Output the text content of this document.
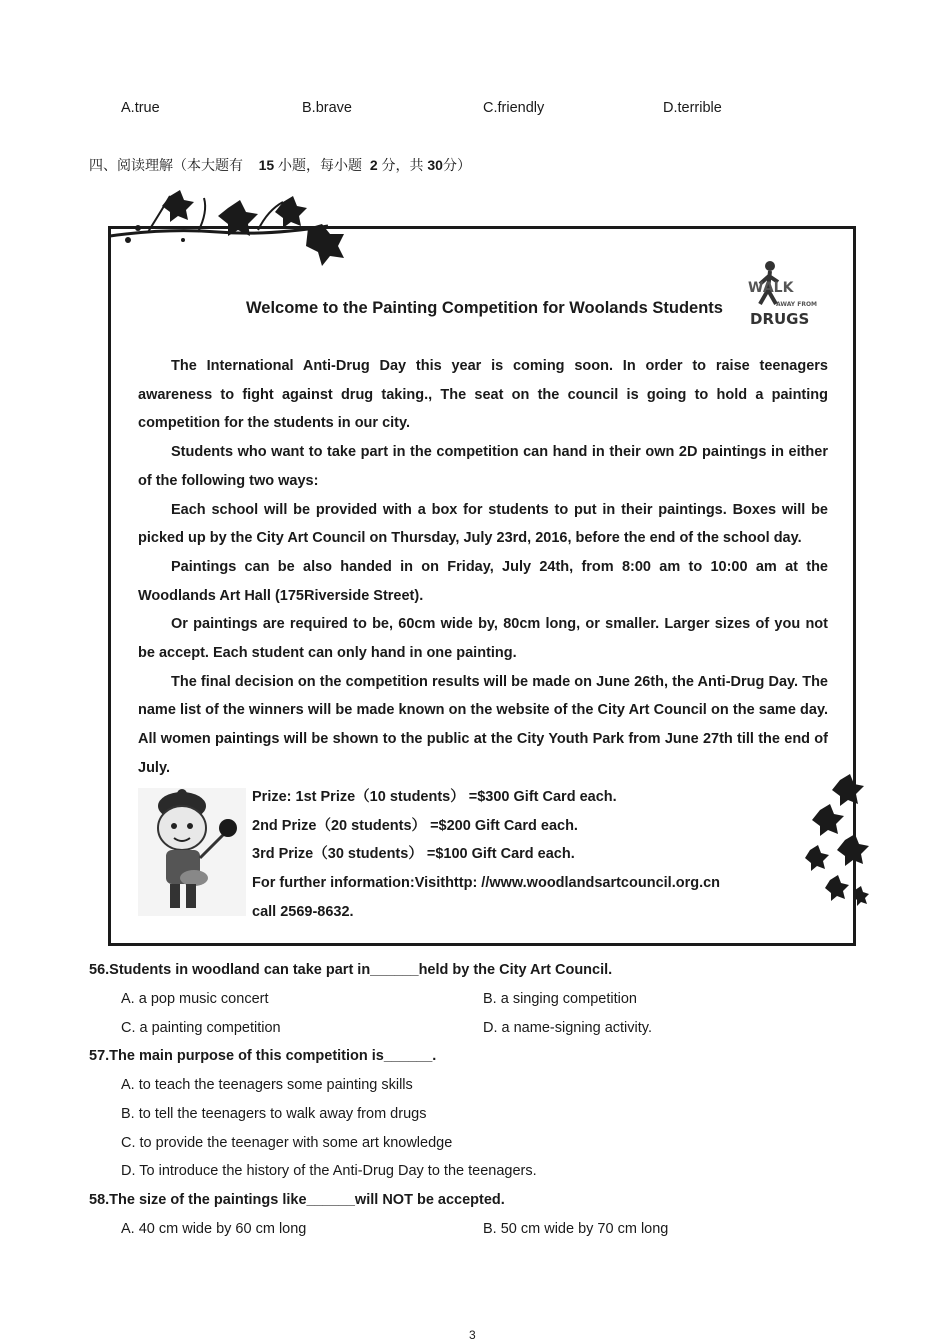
A.true	B.brave	C.friendly	D.terrible
四、阅读理解（本大题有 15 小题，每小题 2 分，共 30分）
WALK
AWAY FROM
DRUGS
Welcome to the Painting Competition for Woolands Students

The International Anti-Drug Day this year is coming soon. In order to raise teenagers awareness to fight against drug taking., The seat on the council is going to hold a painting competition for the students in our city.

Students who want to take part in the competition can hand in their own 2D paintings in either of the following two ways:

Each school will be provided with a box for students to put in their paintings. Boxes will be picked up by the City Art Council on Thursday, July 23rd, 2016, before the end of the school day.

Paintings can be also handed in on Friday, July 24th, from 8:00 am to 10:00 am at the Woodlands Art Hall (175Riverside Street).

Or paintings are required to be, 60cm wide by, 80cm long, or smaller. Larger sizes of you not be accept. Each student can only hand in one painting.

The final decision on the competition results will be made on June 26th, the Anti-Drug Day. The name list of the winners will be made known on the website of the City Art Council on the same day. All women paintings will be shown to the public at the City Youth Park from June 27th till the end of July.

Prize: 1st Prize（10 students） =$300 Gift Card each.
2nd Prize（20 students） =$200 Gift Card each.
3rd Prize（30 students） =$100 Gift Card each.
For further information:Visithttp: //www.woodlandsartcouncil.org.cn
call 2569-8632.
56.Students in woodland can take part in______held by the City Art Council.
A. a pop music concert	B. a singing competition
C. a painting competition	D. a name-signing activity.
57.The main purpose of this competition is______.
A. to teach the teenagers some painting skills
B. to tell the teenagers to walk away from drugs
C. to provide the teenager with some art knowledge
D. To introduce the history of the Anti-Drug Day to the teenagers.
58.The size of the paintings like______will NOT be accepted.
A. 40 cm wide by 60 cm long	B. 50 cm wide by 70 cm long
3
